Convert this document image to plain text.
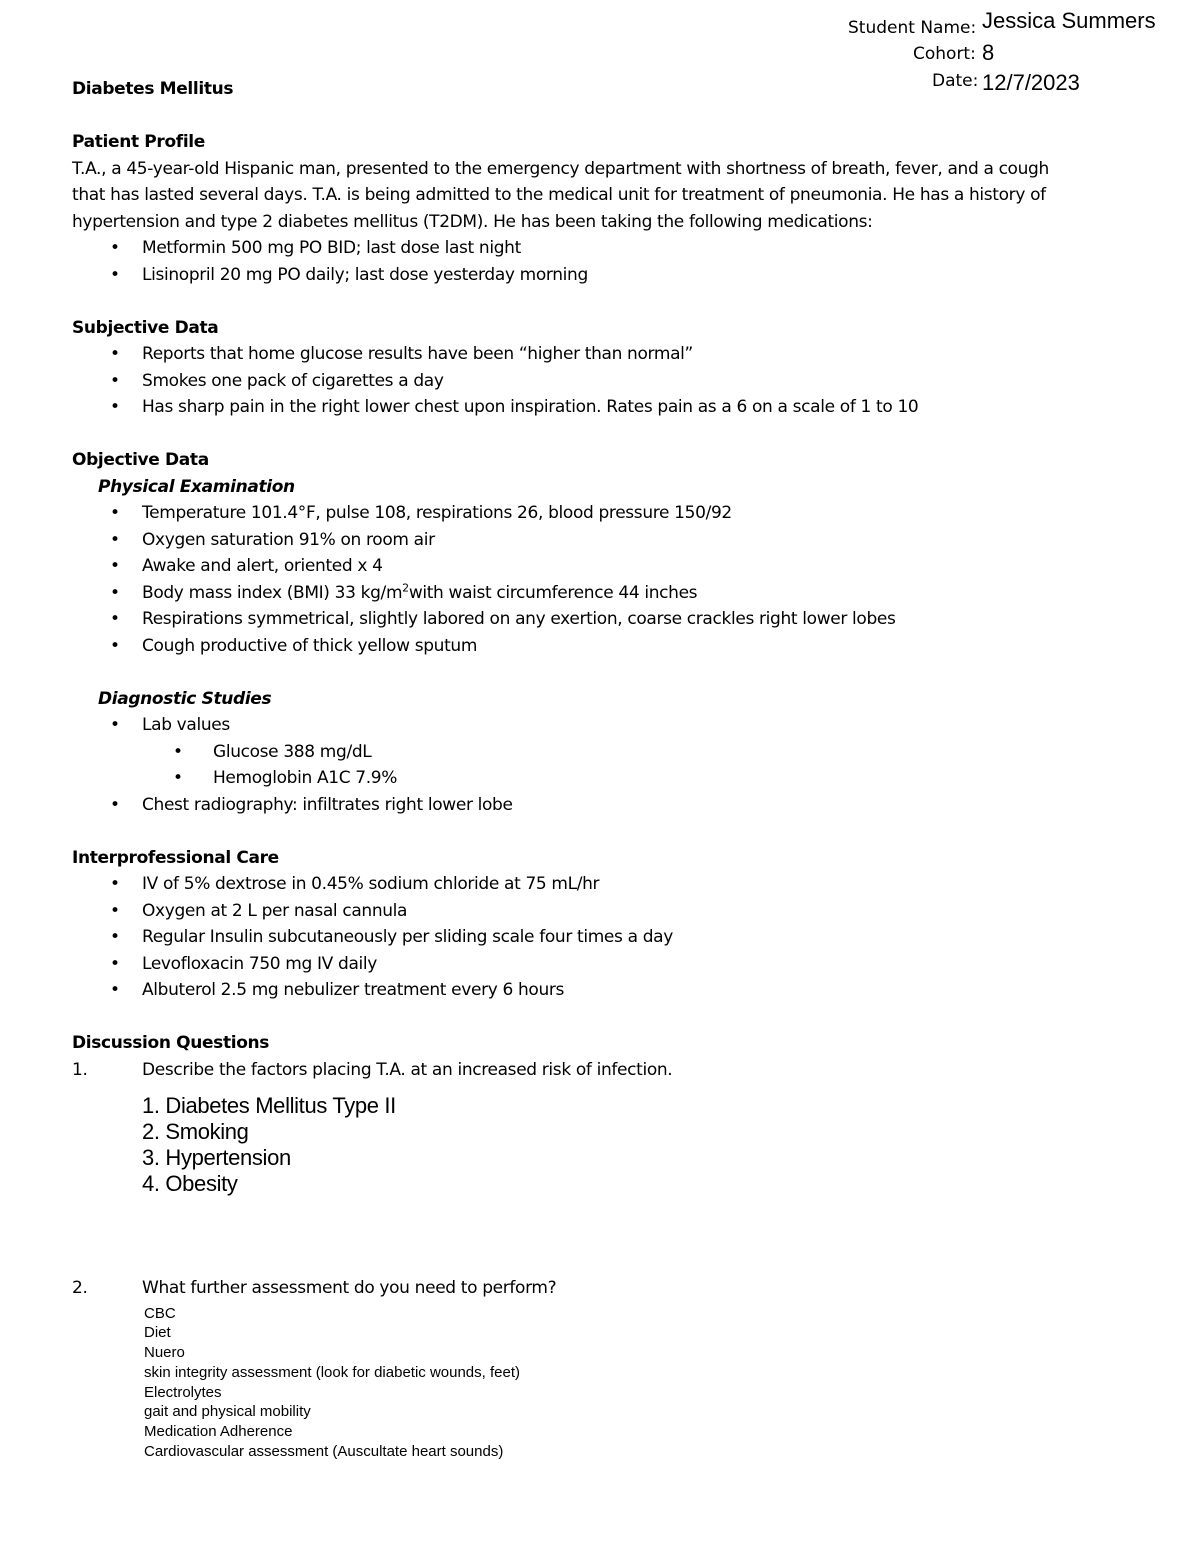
Student Name: Jessica Summers
Cohort: 8
Date: 12/7/2023
Diabetes Mellitus
Patient Profile
T.A., a 45-year-old Hispanic man, presented to the emergency department with shortness of breath, fever, and a cough
that has lasted several days. T.A. is being admitted to the medical unit for treatment of pneumonia. He has a history of
hypertension and type 2 diabetes mellitus (T2DM). He has been taking the following medications:
• Metformin 500 mg PO BID; last dose last night
• Lisinopril 20 mg PO daily; last dose yesterday morning
Subjective Data
• Reports that home glucose results have been “higher than normal”
• Smokes one pack of cigarettes a day
• Has sharp pain in the right lower chest upon inspiration. Rates pain as a 6 on a scale of 1 to 10
Objective Data
Physical Examination
• Temperature 101.4°F, pulse 108, respirations 26, blood pressure 150/92
• Oxygen saturation 91% on room air
• Awake and alert, oriented x 4
• Body mass index (BMI) 33 $kg/m^2with$ waist circumference 44 inches
• Respirations symmetrical, slightly labored on any exertion, coarse crackles right lower lobes
• Cough productive of thick yellow sputum
Diagnostic Studies
• Lab values
• Glucose 388 mg/dL
• Hemoglobin A1C 7.9%
• Chest radiography: infiltrates right lower lobe
Interprofessional Care
• IV of 5% dextrose in 0.45% sodium chloride at 75 mL/hr
• Oxygen at 2 L per nasal cannula
• Regular Insulin subcutaneously per sliding scale four times a day
• Levofloxacin 750 mg IV daily
• Albuterol 2.5 mg nebulizer treatment every 6 hours
Discussion Questions
1.	Describe the factors placing T.A. at an increased risk of infection.
1. Diabetes Mellitus Type II
2. Smoking
3. Hypertension
4. Obesity
2.	What further assessment do you need to perform?
CBC
Diet
Nuero
skin integrity assessment (look for diabetic wounds, feet)
Electrolytes
gait and physical mobility
Medication Adherence
Cardiovascular assessment (Auscultate heart sounds)
